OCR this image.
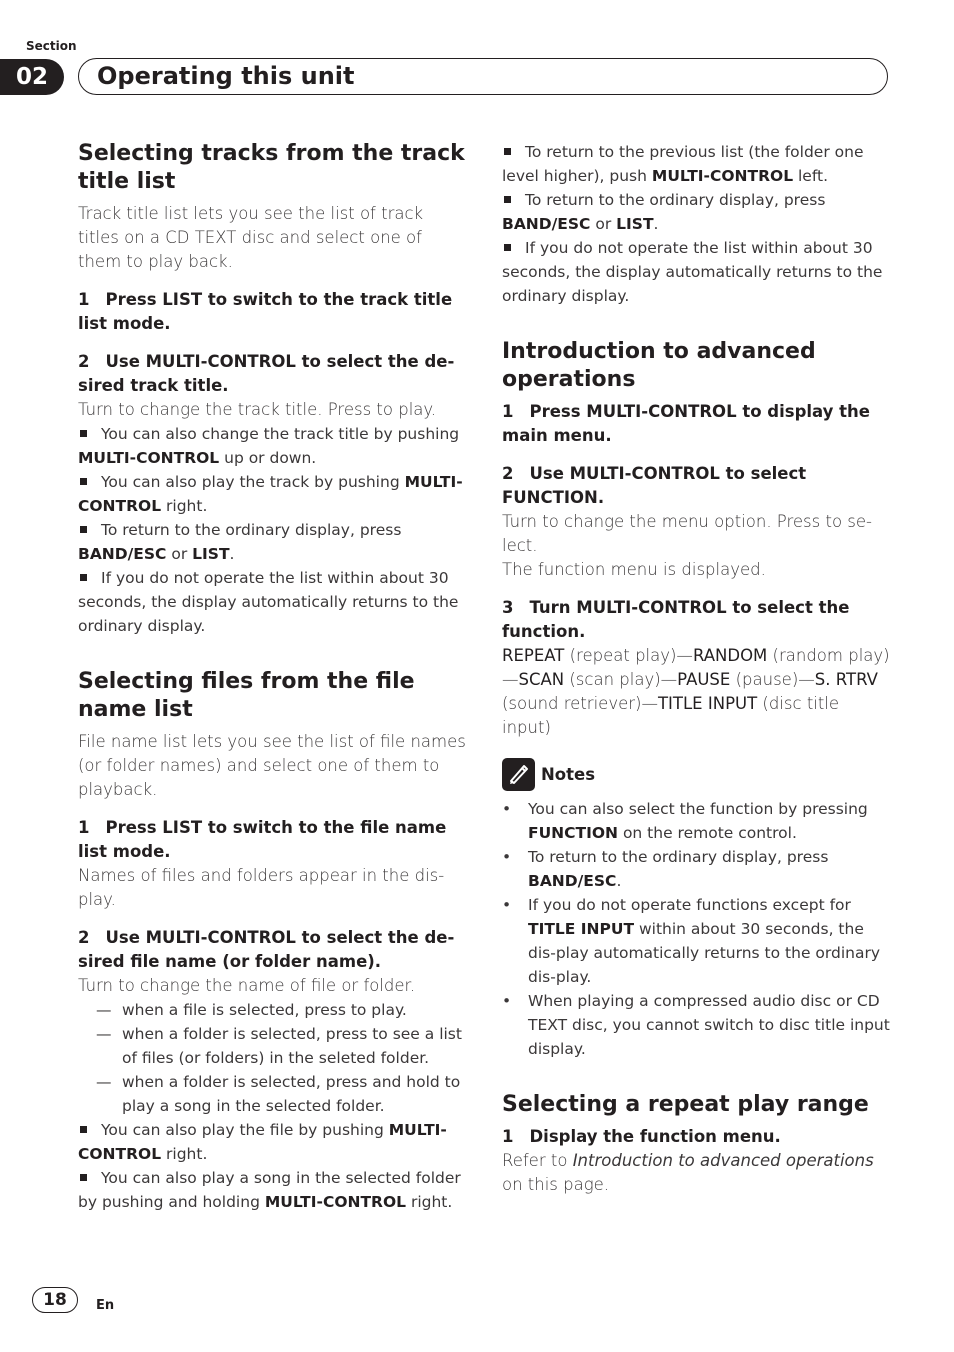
Section
02	Operating this unit
Selecting tracks from the track title list

Track title list lets you see the list of track titles on a CD TEXT disc and select one of them to play back.

1 Press LIST to switch to the track title list mode.

2 Use MULTI-CONTROL to select the de-sired track title.

Turn to change the track title. Press to play.

You can also change the track title by pushing MULTI-CONTROL up or down.

You can also play the track by pushing MULTI-CONTROL right.

To return to the ordinary display, press BAND/ESC or LIST.

If you do not operate the list within about 30 seconds, the display automatically returns to the ordinary display.

Selecting files from the file name list

File name list lets you see the list of file names (or folder names) and select one of them to playback.

1 Press LIST to switch to the file name list mode.

Names of files and folders appear in the dis-play.

2 Use MULTI-CONTROL to select the de-sired file name (or folder name).

Turn to change the name of file or folder.

— when a file is selected, press to play.

— when a folder is selected, press to see a list of files (or folders) in the seleted folder.

— when a folder is selected, press and hold to play a song in the selected folder.

You can also play the file by pushing MULTI-CONTROL right.

You can also play a song in the selected folder by pushing and holding MULTI-CONTROL right.

To return to the previous list (the folder one level higher), push MULTI-CONTROL left.

To return to the ordinary display, press BAND/ESC or LIST.

If you do not operate the list within about 30 seconds, the display automatically returns to the ordinary display.

Introduction to advanced operations

1 Press MULTI-CONTROL to display the main menu.

2 Use MULTI-CONTROL to select FUNCTION.

Turn to change the menu option. Press to se-lect.

The function menu is displayed.

3 Turn MULTI-CONTROL to select the function.

REPEAT (repeat play)—RANDOM (random play)—SCAN (scan play)—PAUSE (pause)—S. RTRV (sound retriever)—TITLE INPUT (disc title input)

Notes

• You can also select the function by pressing FUNCTION on the remote control.

• To return to the ordinary display, press BAND/ESC.

• If you do not operate functions except for TITLE INPUT within about 30 seconds, the dis-play automatically returns to the ordinary dis-play.

• When playing a compressed audio disc or CD TEXT disc, you cannot switch to disc title input display.

Selecting a repeat play range

1 Display the function menu.

Refer to Introduction to advanced operations on this page.

18	En
